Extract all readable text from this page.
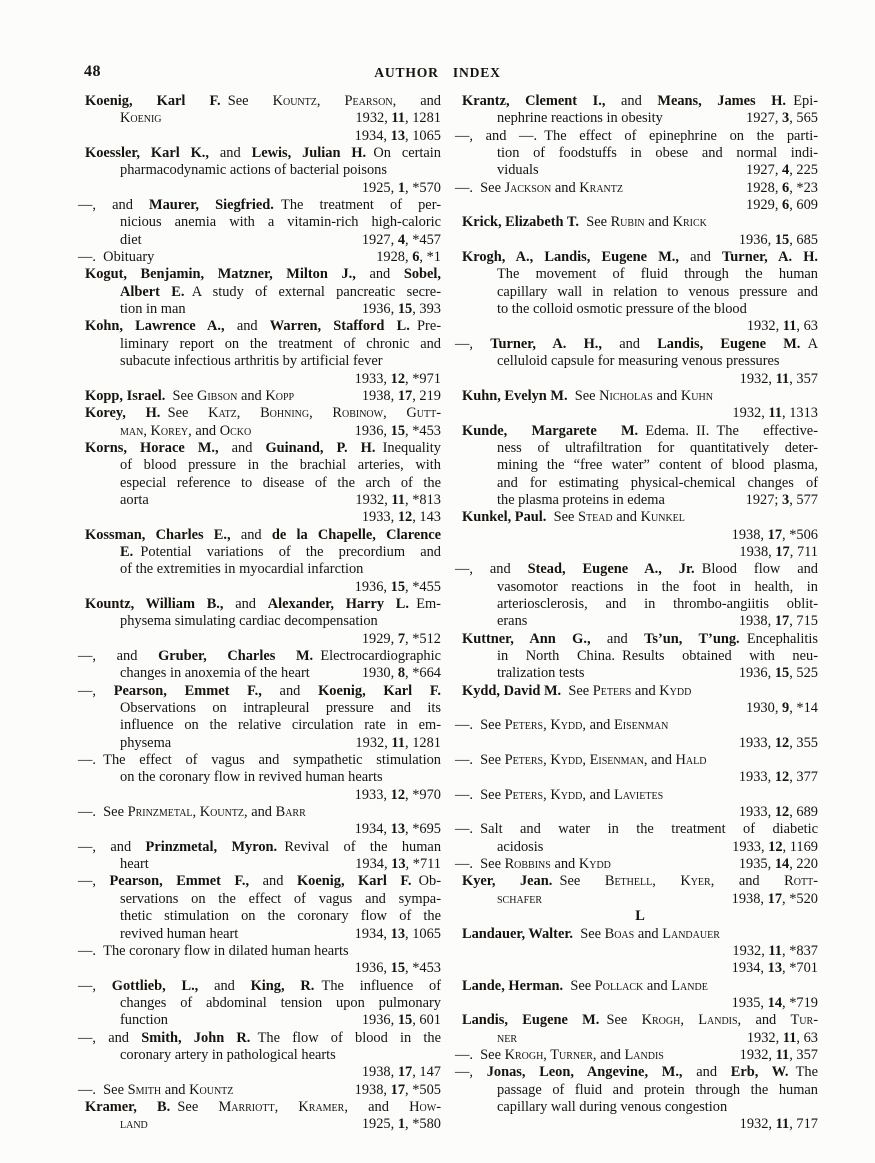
48	AUTHOR INDEX
Koenig, Karl F. See Kountz, Pearson, and
Koenig	1932, 11, 1281
1934, 13, 1065
Koessler, Karl K., and Lewis, Julian H. On certain
pharmacodynamic actions of bacterial poisons
1925, 1, *570
—, and Maurer, Siegfried. The treatment of per-
nicious anemia with a vitamin-rich high-caloric
diet	1927, 4, *457
—. Obituary	1928, 6, *1
Kogut, Benjamin, Matzner, Milton J., and Sobel,
Albert E. A study of external pancreatic secre-
tion in man	1936, 15, 393
Kohn, Lawrence A., and Warren, Stafford L. Pre-
liminary report on the treatment of chronic and
subacute infectious arthritis by artificial fever
1933, 12, *971
Kopp, Israel. See Gibson and Kopp	1938, 17, 219
Korey, H. See Katz, Bohning, Robinow, Gutt-
man, Korey, and Ocko	1936, 15, *453
Korns, Horace M., and Guinand, P. H. Inequality
of blood pressure in the brachial arteries, with
especial reference to disease of the arch of the
aorta	1932, 11, *813
1933, 12, 143
Kossman, Charles E., and de la Chapelle, Clarence
E. Potential variations of the precordium and
of the extremities in myocardial infarction
1936, 15, *455
Kountz, William B., and Alexander, Harry L. Em-
physema simulating cardiac decompensation
1929, 7, *512
—, and Gruber, Charles M. Electrocardiographic
changes in anoxemia of the heart	1930, 8, *664
—, Pearson, Emmet F., and Koenig, Karl F.
Observations on intrapleural pressure and its
influence on the relative circulation rate in em-
physema	1932, 11, 1281
—. The effect of vagus and sympathetic stimulation
on the coronary flow in revived human hearts
1933, 12, *970
—. See Prinzmetal, Kountz, and Barr
1934, 13, *695
—, and Prinzmetal, Myron. Revival of the human
heart	1934, 13, *711
—, Pearson, Emmet F., and Koenig, Karl F. Ob-
servations on the effect of vagus and sympa-
thetic stimulation on the coronary flow of the
revived human heart	1934, 13, 1065
—. The coronary flow in dilated human hearts
1936, 15, *453
—, Gottlieb, L., and King, R. The influence of
changes of abdominal tension upon pulmonary
function	1936, 15, 601
—, and Smith, John R. The flow of blood in the
coronary artery in pathological hearts
1938, 17, 147
—. See Smith and Kountz	1938, 17, *505
Kramer, B. See Marriott, Kramer, and How-
land	1925, 1, *580
Krantz, Clement I., and Means, James H. Epi-
nephrine reactions in obesity	1927, 3, 565
—, and —. The effect of epinephrine on the parti-
tion of foodstuffs in obese and normal indi-
viduals	1927, 4, 225
—. See Jackson and Krantz	1928, 6, *23
1929, 6, 609
Krick, Elizabeth T. See Rubin and Krick
1936, 15, 685
Krogh, A., Landis, Eugene M., and Turner, A. H.
The movement of fluid through the human
capillary wall in relation to venous pressure and
to the colloid osmotic pressure of the blood
1932, 11, 63
—, Turner, A. H., and Landis, Eugene M. A
celluloid capsule for measuring venous pressures
1932, 11, 357
Kuhn, Evelyn M. See Nicholas and Kuhn
1932, 11, 1313
Kunde, Margarete M. Edema. II. The effective-
ness of ultrafiltration for quantitatively deter-
mining the “free water” content of blood plasma,
and for estimating physical-chemical changes of
the plasma proteins in edema	1927; 3, 577
Kunkel, Paul. See Stead and Kunkel
1938, 17, *506
1938, 17, 711
—, and Stead, Eugene A., Jr. Blood flow and
vasomotor reactions in the foot in health, in
arteriosclerosis, and in thrombo-angiitis oblit-
erans	1938, 17, 715
Kuttner, Ann G., and Ts’un, T’ung. Encephalitis
in North China. Results obtained with neu-
tralization tests	1936, 15, 525
Kydd, David M. See Peters and Kydd
1930, 9, *14
—. See Peters, Kydd, and Eisenman
1933, 12, 355
—. See Peters, Kydd, Eisenman, and Hald
1933, 12, 377
—. See Peters, Kydd, and Lavietes
1933, 12, 689
—. Salt and water in the treatment of diabetic
acidosis	1933, 12, 1169
—. See Robbins and Kydd	1935, 14, 220
Kyer, Jean. See Bethell, Kyer, and Rott-
schafer	1938, 17, *520
L
Landauer, Walter. See Boas and Landauer
1932, 11, *837
1934, 13, *701
Lande, Herman. See Pollack and Lande
1935, 14, *719
Landis, Eugene M. See Krogh, Landis, and Tur-
ner	1932, 11, 63
—. See Krogh, Turner, and Landis	1932, 11, 357
—, Jonas, Leon, Angevine, M., and Erb, W. The
passage of fluid and protein through the human
capillary wall during venous congestion
1932, 11, 717
